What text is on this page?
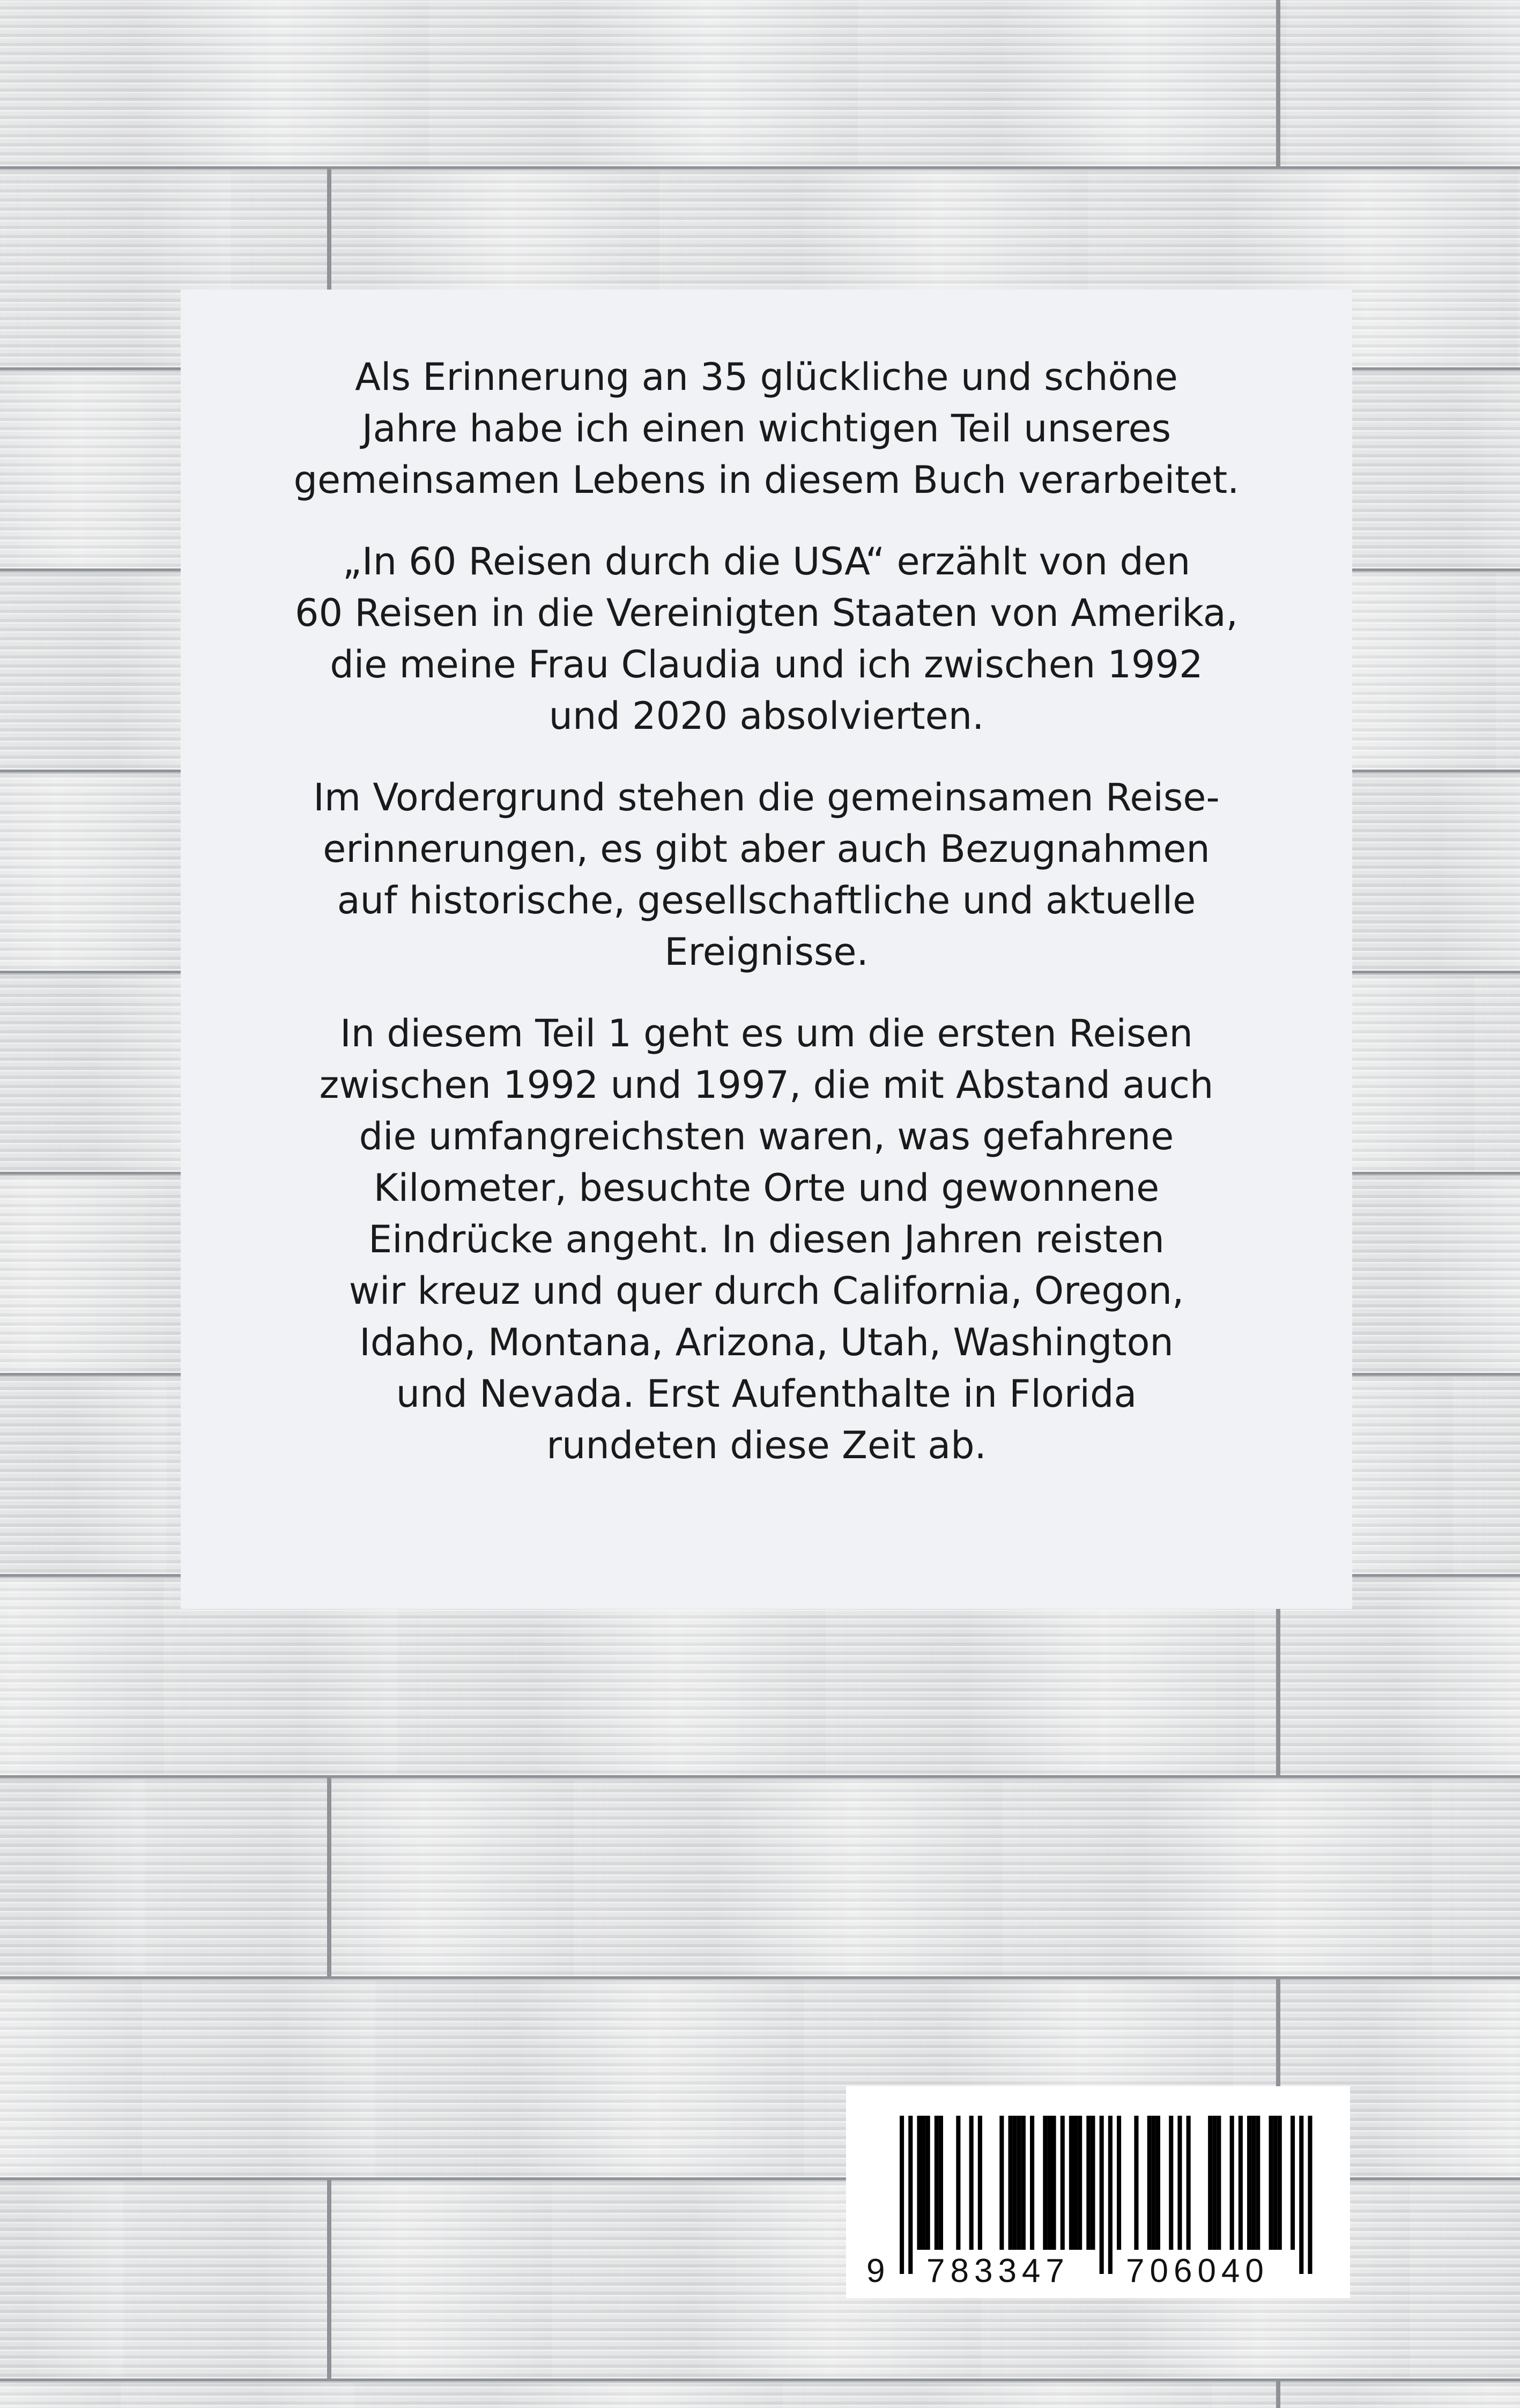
Als Erinnerung an 35 glückliche und schöne
Jahre habe ich einen wichtigen Teil unseres
gemeinsamen Lebens in diesem Buch verarbeitet.

„In 60 Reisen durch die USA“ erzählt von den
60 Reisen in die Vereinigten Staaten von Amerika,
die meine Frau Claudia und ich zwischen 1992
und 2020 absolvierten.

Im Vordergrund stehen die gemeinsamen Reise-
erinnerungen, es gibt aber auch Bezugnahmen
auf historische, gesellschaftliche und aktuelle
Ereignisse.

In diesem Teil 1 geht es um die ersten Reisen
zwischen 1992 und 1997, die mit Abstand auch
die umfangreichsten waren, was gefahrene
Kilometer, besuchte Orte und gewonnene
Eindrücke angeht. In diesen Jahren reisten
wir kreuz und quer durch California, Oregon,
Idaho, Montana, Arizona, Utah, Washington
und Nevada. Erst Aufenthalte in Florida
rundeten diese Zeit ab.

9 783347 706040
